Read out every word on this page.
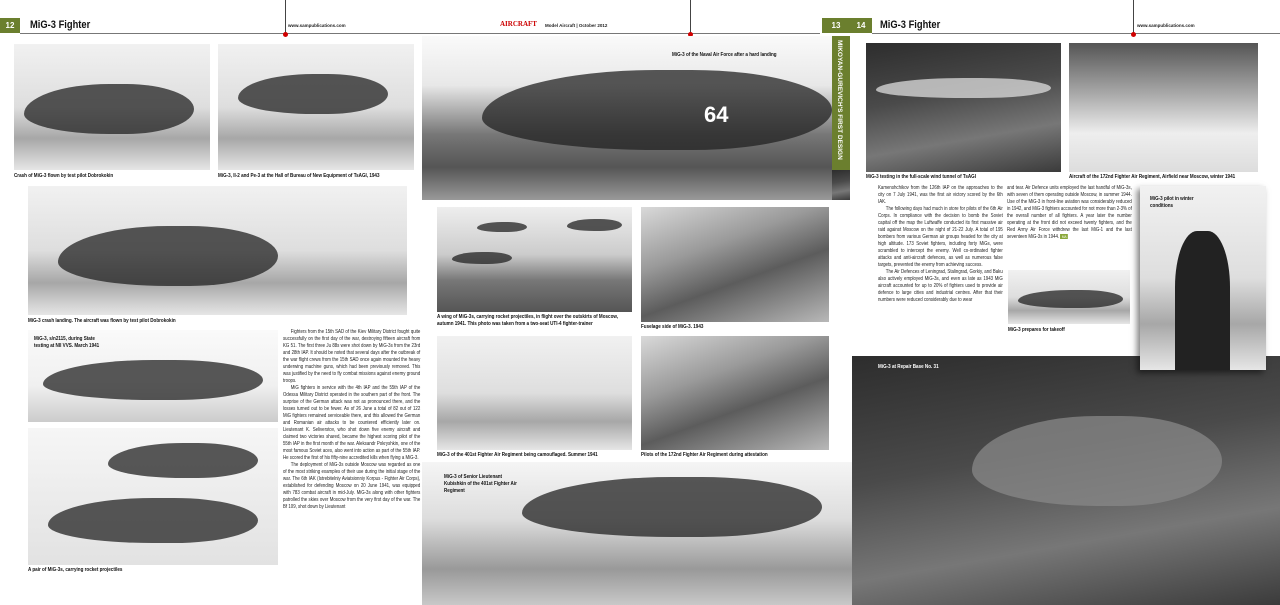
12	MiG-3 Fighter	www.sampublications.com	AIRCRAFT Model Aircraft | October 2012	13	14	MiG-3 Fighter	www.sampublications.com
Crash of MiG-3 flown by test pilot Dobrokokin	MiG-3, Il-2 and Pe-3 at the Hall of Bureau of New Equipment of TsAGI, 1943
64
MiG-3 of the Naval Air Force after a hard landing	MIKOYAN-GUREVICH'S FIRST DESIGN
MiG-3 crash landing. The aircraft was flown by test pilot Dobrokokin
MiG-3, s/n2115, during State testing at NII VVS. March 1941
A pair of MiG-3s, carrying rocket projectiles

Fighters from the 15th SAD of the Kiev Military District fought quite successfully on the first day of the war, destroying fifteen aircraft from KG 51. The first three Ju 88s were shot down by MiG-3s from the 23rd and 28th IAP. It should be noted that several days after the outbreak of the war flight crews from the 15th SAD once again mounted the heavy underwing machine guns, which had been previously removed. This was justified by the need to fly combat missions against enemy ground troops.

MiG fighters in service with the 4th IAP and the 55th IAP of the Odessa Military District operated in the southern part of the front. The surprise of the German attack was not as pronounced there, and the losses turned out to be fewer. As of 26 June a total of 82 out of 122 MiG fighters remained serviceable there, and this allowed the German and Romanian air attacks to be countered efficiently later on. Lieutenant K. Seliverstov, who shot down five enemy aircraft and claimed two victories shared, became the highest scoring pilot of the 55th IAP in the first month of the war. Aleksandr Pokryshkin, one of the most famous Soviet aces, also went into action as part of the 55th IAP. He scored the first of his fifty-nine accredited kills when flying a MiG-3.

The deployment of MiG-3s outside Moscow was regarded as one of the most striking examples of their use during the initial stage of the war. The 6th IAK (Istrebitelniy Aviatsionniy Korpus - Fighter Air Corps), established for defending Moscow on 20 June 1941, was equipped with 783 combat aircraft in mid-July. MiG-3s along with other fighters patrolled the skies over Moscow from the very first day of the war. The Bf 109, shot down by Lieutenant

A wing of MiG-3s, carrying rocket projectiles, in flight over the outskirts of Moscow, autumn 1941. This photo was taken from a two-seat UTI-4 fighter-trainer	Fuselage side of MiG-3. 1943
MiG-3 of the 401st Fighter Air Regiment being camouflaged. Summer 1941	Pilots of the 172nd Fighter Air Regiment during attestation
MiG-3 of Senior Lieutenant Kubishkin of the 401st Fighter Air Regiment
MiG-3 testing in the full-scale wind tunnel of TsAGI	Aircraft of the 172nd Fighter Air Regiment, Airfield near Moscow, winter 1941

Kamenshchikov from the 126th IAP on the approaches to the city on 7 July 1941, was the first air victory scored by the 6th IAK.

The following days had much in store for pilots of the 6th Air Corps. In compliance with the decision to bomb the Soviet capital off the map the Luftwaffe conducted its first massive air raid against Moscow on the night of 21-22 July. A total of 195 bombers from various German air groups headed for the city at high altitude. 173 Soviet fighters, including forty MiGs, were scrambled to intercept the enemy. Well co-ordinated fighter attacks and anti-aircraft defences, as well as numerous false targets, prevented the enemy from achieving success.

The Air Defences of Leningrad, Stalingrad, Gorkiy, and Baku also actively employed MiG-3s, and even as late as 1943 MiG aircraft accounted for up to 20% of fighters used to provide air defence to large cities and industrial centres. After that their numbers were reduced considerably due to wear

and tear. Air Defence units employed the last handful of MiG-3s, with seven of them operating outside Moscow, in summer 1944. Use of the MiG-3 in front-line aviation was considerably reduced in 1942, and MiG-3 fighters accounted for not more than 2-3% of the overall number of all fighters. A year later the number operating at the front did not exceed twenty fighters, and the Red Army Air Force withdrew the last MiG-1 and the last seventeen MiG-3s in 1944. MA
MiG-3 prepares for takeoff
MiG-3 at Repair Base No. 31
MiG-3 pilot in winter conditions
